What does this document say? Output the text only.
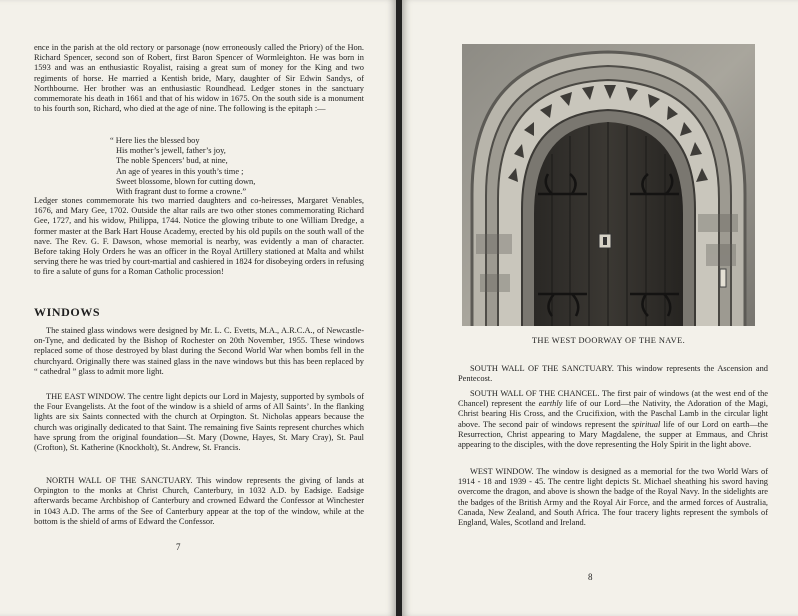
ence in the parish at the old rectory or parsonage (now erroneously called the Priory) of the Hon. Richard Spencer, second son of Robert, first Baron Spencer of Wormleighton. He was born in 1593 and was an enthusiastic Royalist, raising a great sum of money for the King and two regiments of horse. He married a Kentish bride, Mary, daughter of Sir Edwin Sandys, of Northbourne. Her brother was an enthusiastic Roundhead. Ledger stones in the sanctuary commemorate his death in 1661 and that of his widow in 1675. On the south side is a monument to his fourth son, Richard, who died at the age of nine. The following is the epitaph :—

“ Here lies the blessed boy
His mother’s jewell, father’s joy,
The noble Spencers’ bud, at nine,
An age of yeares in this youth’s time ;
Sweet blossome, blown for cutting down,
With fragrant dust to forme a crowne.”

Ledger stones commemorate his two married daughters and co-heiresses, Margaret Venables, 1676, and Mary Gee, 1702. Outside the altar rails are two other stones commemorating Richard Gee, 1727, and his widow, Philippa, 1744. Notice the glowing tribute to one William Dredge, a former master at the Bark Hart House Academy, erected by his old pupils on the south wall of the nave. The Rev. G. F. Dawson, whose memorial is nearby, was evidently a man of character. Before taking Holy Orders he was an officer in the Royal Artillery stationed at Malta and whilst serving there he was tried by court-martial and cashiered in 1824 for disobeying orders in refusing to fire a salute of guns for a Roman Catholic procession!

WINDOWS

The stained glass windows were designed by Mr. L. C. Evetts, M.A., A.R.C.A., of Newcastle-on-Tyne, and dedicated by the Bishop of Rochester on 20th November, 1955. These windows replaced some of those destroyed by blast during the Second World War when bombs fell in the churchyard. Originally there was stained glass in the nave windows but this has been replaced by “ cathedral ” glass to admit more light.

THE EAST WINDOW. The centre light depicts our Lord in Majesty, supported by symbols of the Four Evangelists. At the foot of the window is a shield of arms of All Saints’. In the flanking lights are six Saints connected with the church at Orpington. St. Nicholas appears because the church was originally dedicated to that Saint. The remaining five Saints represent churches which have sprung from the original foundation—St. Mary (Downe, Hayes, St. Mary Cray), St. Paul (Crofton), St. Katherine (Knockholt), St. Andrew, St. Francis.

NORTH WALL OF THE SANCTUARY. This window represents the giving of lands at Orpington to the monks at Christ Church, Canterbury, in 1032 A.D. by Eadsige. Eadsige afterwards became Archbishop of Canterbury and crowned Edward the Confessor at Winchester in 1043 A.D. The arms of the See of Canterbury appear at the top of the window, while at the bottom is the shield of arms of Edward the Confessor.

7
THE WEST DOORWAY OF THE NAVE.

SOUTH WALL OF THE SANCTUARY. This window represents the Ascension and Pentecost.

SOUTH WALL OF THE CHANCEL. The first pair of windows (at the west end of the Chancel) represent the earthly life of our Lord—the Nativity, the Adoration of the Magi, Christ bearing His Cross, and the Crucifixion, with the Paschal Lamb in the circular light above. The second pair of windows represent the spiritual life of our Lord on earth—the Resurrection, Christ appearing to Mary Magdalene, the supper at Emmaus, and Christ appearing to the disciples, with the dove representing the Holy Spirit in the light above.

WEST WINDOW. The window is designed as a memorial for the two World Wars of 1914 - 18 and 1939 - 45. The centre light depicts St. Michael sheathing his sword having overcome the dragon, and above is shown the badge of the Royal Navy. In the sidelights are the badges of the British Army and the Royal Air Force, and the armed forces of Australia, Canada, New Zealand, and South Africa. The four tracery lights represent the symbols of England, Wales, Scotland and Ireland.

8
